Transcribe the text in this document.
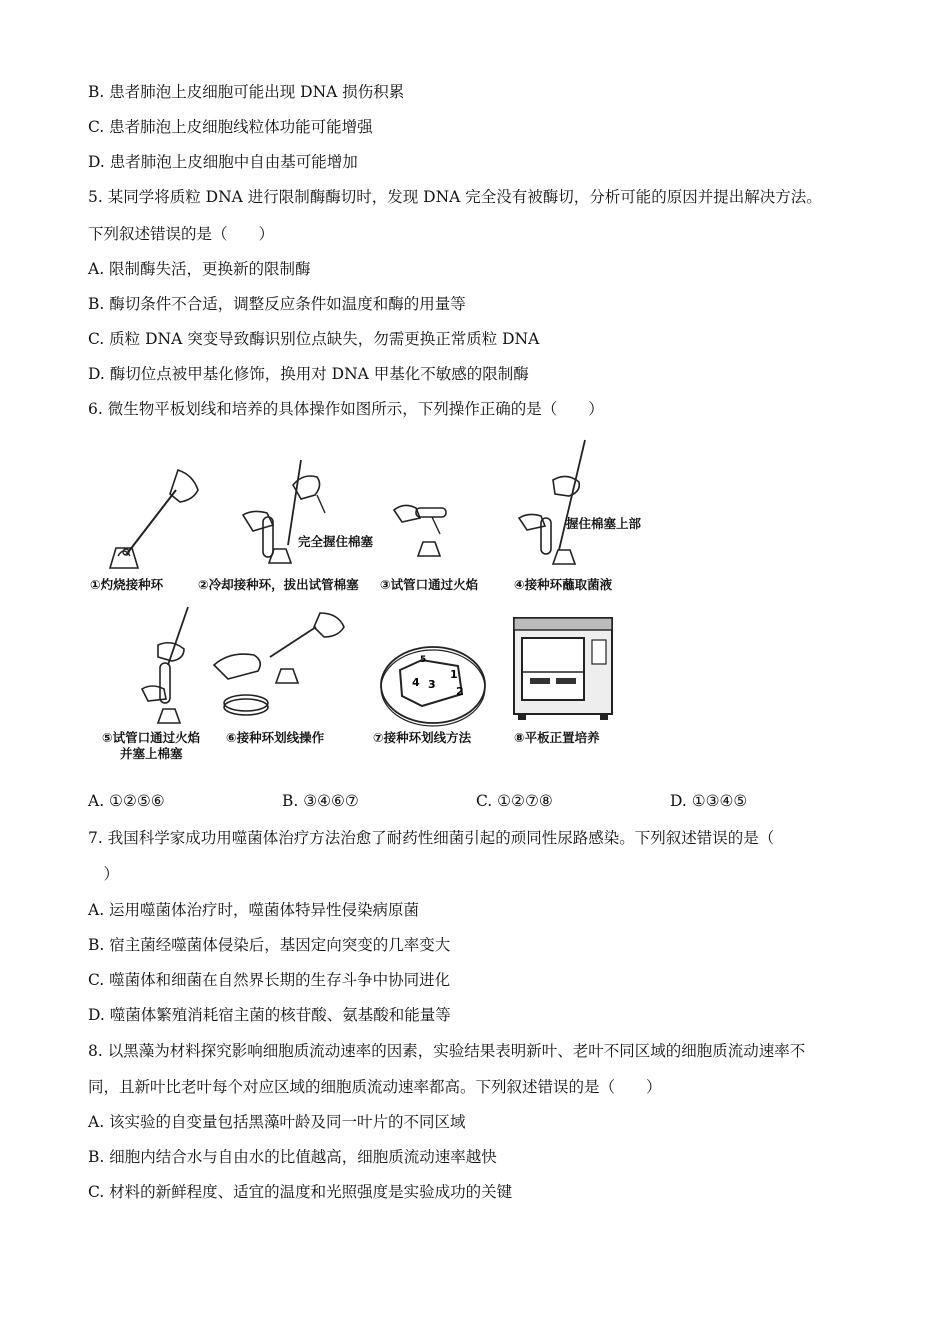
B. 患者肺泡上皮细胞可能出现 DNA 损伤积累
C. 患者肺泡上皮细胞线粒体功能可能增强
D. 患者肺泡上皮细胞中自由基可能增加
5. 某同学将质粒 DNA 进行限制酶酶切时，发现 DNA 完全没有被酶切，分析可能的原因并提出解决方法。
下列叙述错误的是（　　）
A. 限制酶失活，更换新的限制酶
B. 酶切条件不合适，调整反应条件如温度和酶的用量等
C. 质粒 DNA 突变导致酶识别位点缺失，勿需更换正常质粒 DNA
D. 酶切位点被甲基化修饰，换用对 DNA 甲基化不敏感的限制酶
6. 微生物平板划线和培养的具体操作如图所示，下列操作正确的是（　　）
4 3
1
2
5
完全握住棉塞
握住棉塞上部
①灼烧接种环	②冷却接种环，拔出试管棉塞 ③试管口通过火焰	④接种环蘸取菌液
⑤试管口通过火焰
并塞上棉塞
⑥接种环划线操作	⑦接种环划线方法	⑧平板正置培养
A. ①②⑤⑥	B. ③④⑥⑦	C. ①②⑦⑧	D. ①③④⑤
7. 我国科学家成功用噬菌体治疗方法治愈了耐药性细菌引起的顽同性尿路感染。下列叙述错误的是（
　）
A. 运用噬菌体治疗时，噬菌体特异性侵染病原菌
B. 宿主菌经噬菌体侵染后，基因定向突变的几率变大
C. 噬菌体和细菌在自然界长期的生存斗争中协同进化
D. 噬菌体繁殖消耗宿主菌的核苷酸、氨基酸和能量等
8. 以黑藻为材料探究影响细胞质流动速率的因素，实验结果表明新叶、老叶不同区域的细胞质流动速率不
同，且新叶比老叶每个对应区域的细胞质流动速率都高。下列叙述错误的是（　　）
A. 该实验的自变量包括黑藻叶龄及同一叶片的不同区域
B. 细胞内结合水与自由水的比值越高，细胞质流动速率越快
C. 材料的新鲜程度、适宜的温度和光照强度是实验成功的关键
